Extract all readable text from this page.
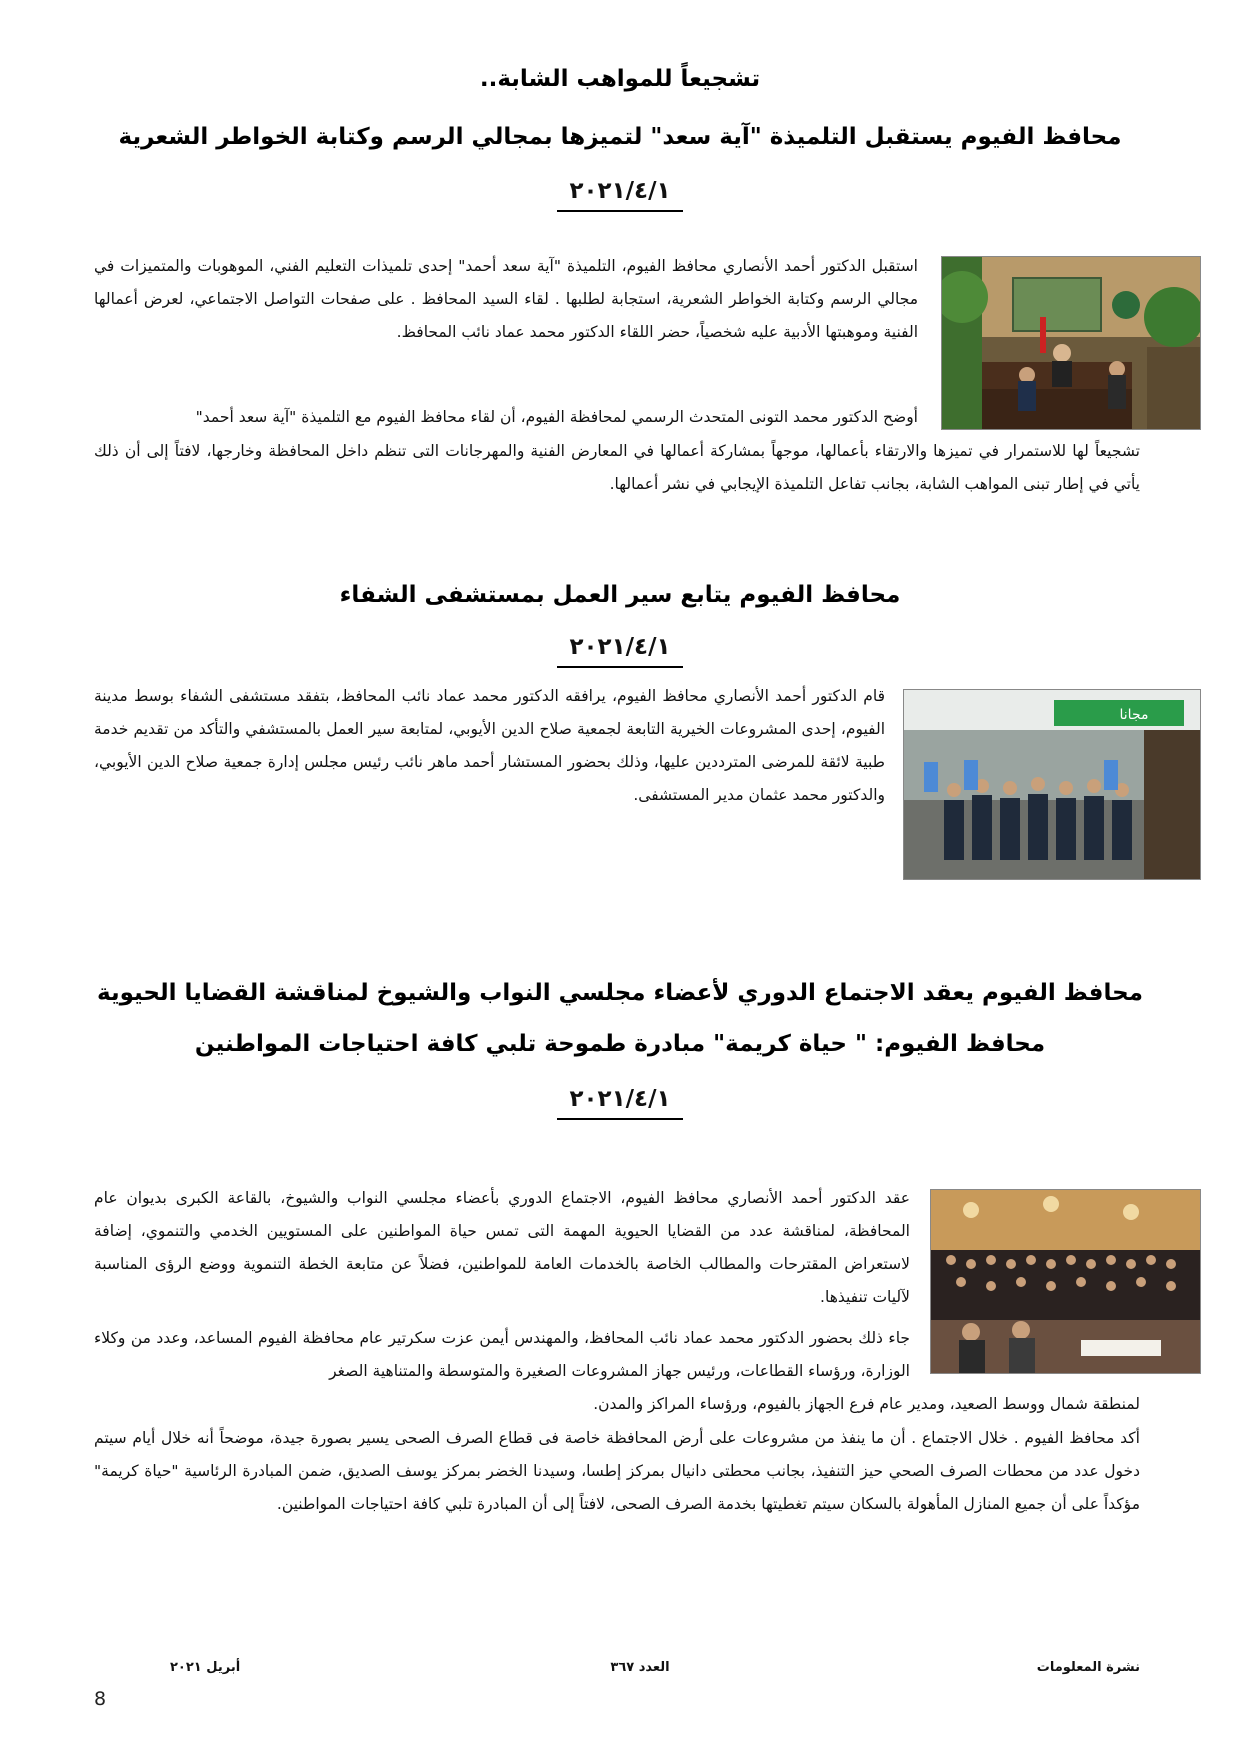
تشجيعاً للمواهب الشابة..
محافظ الفيوم يستقبل التلميذة "آية سعد" لتميزها بمجالي الرسم وكتابة الخواطر الشعرية
٢٠٢١/٤/١

استقبل الدكتور أحمد الأنصاري محافظ الفيوم، التلميذة "آية سعد أحمد" إحدى تلميذات التعليم الفني، الموهوبات والمتميزات في مجالي الرسم وكتابة الخواطر الشعرية، استجابة لطلبها . لقاء السيد المحافظ . على صفحات التواصل الاجتماعي، لعرض أعمالها الفنية وموهبتها الأدبية عليه شخصياً، حضر اللقاء الدكتور محمد عماد نائب المحافظ.

أوضح الدكتور محمد التونى المتحدث الرسمي لمحافظة الفيوم، أن لقاء محافظ الفيوم مع التلميذة "آية سعد أحمد"

تشجيعاً لها للاستمرار في تميزها والارتقاء بأعمالها، موجهاً بمشاركة أعمالها في المعارض الفنية والمهرجانات التى تنظم داخل المحافظة وخارجها، لافتاً إلى أن ذلك يأتي في إطار تبنى المواهب الشابة، بجانب تفاعل التلميذة الإيجابي في نشر أعمالها.

محافظ الفيوم يتابع سير العمل بمستشفى الشفاء
٢٠٢١/٤/١
مجانا

قام الدكتور أحمد الأنصاري محافظ الفيوم، يرافقه الدكتور محمد عماد نائب المحافظ، بتفقد مستشفى الشفاء بوسط مدينة الفيوم، إحدى المشروعات الخيرية التابعة لجمعية صلاح الدين الأيوبي، لمتابعة سير العمل بالمستشفي والتأكد من تقديم خدمة طبية لائقة للمرضى المترددين عليها، وذلك بحضور المستشار أحمد ماهر نائب رئيس مجلس إدارة جمعية صلاح الدين الأيوبي، والدكتور محمد عثمان مدير المستشفى.

محافظ الفيوم يعقد الاجتماع الدوري لأعضاء مجلسي النواب والشيوخ لمناقشة القضايا الحيوية
محافظ الفيوم: " حياة كريمة" مبادرة طموحة تلبي كافة احتياجات المواطنين
٢٠٢١/٤/١

عقد الدكتور أحمد الأنصاري محافظ الفيوم، الاجتماع الدوري بأعضاء مجلسي النواب والشيوخ، بالقاعة الكبرى بديوان عام المحافظة، لمناقشة عدد من القضايا الحيوية المهمة التى تمس حياة المواطنين على المستويين الخدمي والتنموي، إضافة لاستعراض المقترحات والمطالب الخاصة بالخدمات العامة للمواطنين، فضلاً عن متابعة الخطة التنموية ووضع الرؤى المناسبة لآليات تنفيذها.

جاء ذلك بحضور الدكتور محمد عماد نائب المحافظ، والمهندس أيمن عزت سكرتير عام محافظة الفيوم المساعد، وعدد من وكلاء الوزارة، ورؤساء القطاعات، ورئيس جهاز المشروعات الصغيرة والمتوسطة والمتناهية الصغر

لمنطقة شمال ووسط الصعيد، ومدير عام فرع الجهاز بالفيوم، ورؤساء المراكز والمدن.

أكد محافظ الفيوم . خلال الاجتماع . أن ما ينفذ من مشروعات على أرض المحافظة خاصة فى قطاع الصرف الصحى يسير بصورة جيدة، موضحاً أنه خلال أيام سيتم دخول عدد من محطات الصرف الصحي حيز التنفيذ، بجانب محطتى دانيال بمركز إطسا، وسيدنا الخضر بمركز يوسف الصديق، ضمن المبادرة الرئاسية "حياة كريمة" مؤكداً على أن جميع المنازل المأهولة بالسكان سيتم تغطيتها بخدمة الصرف الصحى، لافتاً إلى أن المبادرة تلبي كافة احتياجات المواطنين.

نشرة المعلومات
العدد ٣٦٧
أبريل ٢٠٢١
8
